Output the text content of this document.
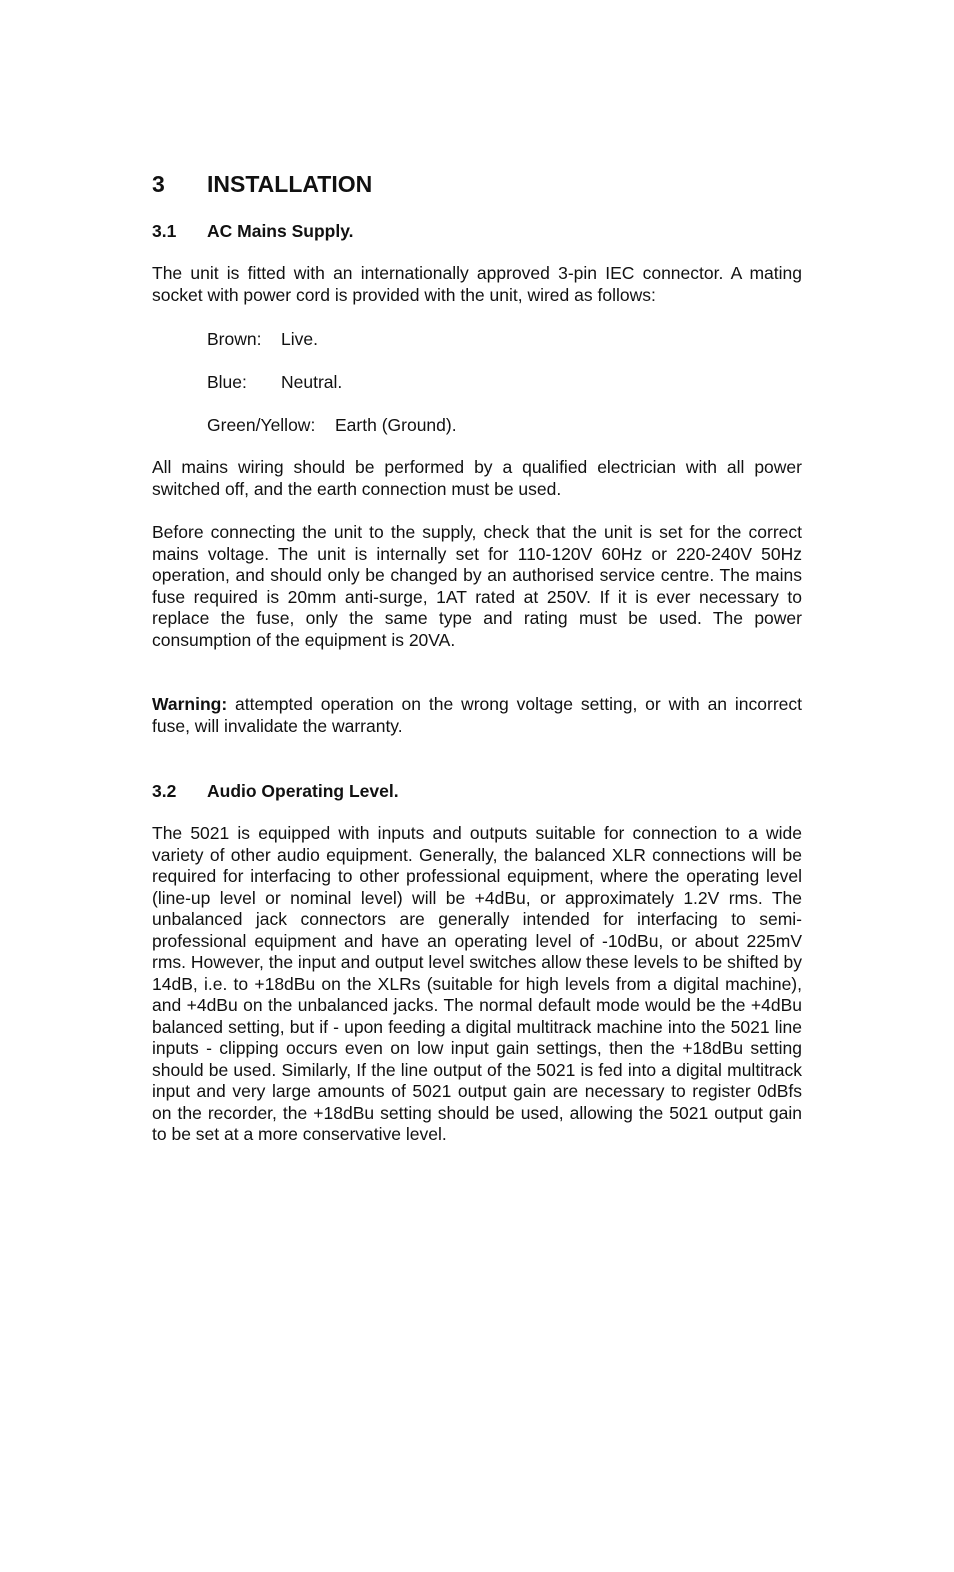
3 INSTALLATION
3.1 AC Mains Supply.
The unit is fitted with an internationally approved 3-pin IEC connector. A mating socket with power cord is provided with the unit, wired as follows:
Brown: Live.
Blue: Neutral.
Green/Yellow: Earth (Ground).
All mains wiring should be performed by a qualified electrician with all power switched off, and the earth connection must be used.
Before connecting the unit to the supply, check that the unit is set for the correct mains voltage. The unit is internally set for 110-120V 60Hz or 220-240V 50Hz operation, and should only be changed by an authorised service centre. The mains fuse required is 20mm anti-surge, 1AT rated at 250V. If it is ever necessary to replace the fuse, only the same type and rating must be used. The power consumption of the equipment is 20VA.
Warning: attempted operation on the wrong voltage setting, or with an incorrect fuse, will invalidate the warranty.
3.2 Audio Operating Level.
The 5021 is equipped with inputs and outputs suitable for connection to a wide variety of other audio equipment. Generally, the balanced XLR connections will be required for interfacing to other professional equipment, where the operating level (line-up level or nominal level) will be +4dBu, or approximately 1.2V rms. The unbalanced jack connectors are generally intended for interfacing to semi-professional equipment and have an operating level of -10dBu, or about 225mV rms. However, the input and output level switches allow these levels to be shifted by 14dB, i.e. to +18dBu on the XLRs (suitable for high levels from a digital machine), and +4dBu on the unbalanced jacks. The normal default mode would be the +4dBu balanced setting, but if - upon feeding a digital multitrack machine into the 5021 line inputs - clipping occurs even on low input gain settings, then the +18dBu setting should be used. Similarly, If the line output of the 5021 is fed into a digital multitrack input and very large amounts of 5021 output gain are necessary to register 0dBfs on the recorder, the +18dBu setting should be used, allowing the 5021 output gain to be set at a more conservative level.
